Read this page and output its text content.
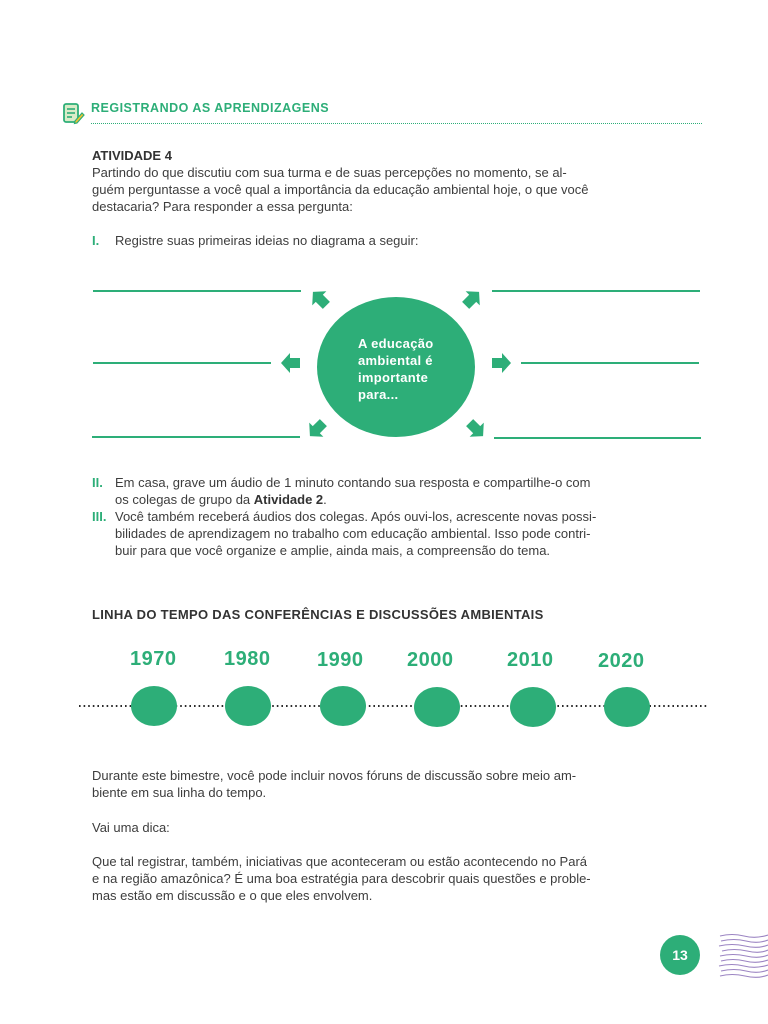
REGISTRANDO AS APRENDIZAGENS
ATIVIDADE 4
Partindo do que discutiu com sua turma e de suas percepções no momento, se al-
guém perguntasse a você qual a importância da educação ambiental hoje, o que você
destacaria? Para responder a essa pergunta:
I. Registre suas primeiras ideias no diagrama a seguir:
A educação
ambiental é
importante
para...
II. Em casa, grave um áudio de 1 minuto contando sua resposta e compartilhe-o com
os colegas de grupo da Atividade 2.
III. Você também receberá áudios dos colegas. Após ouvi-los, acrescente novas possi-
bilidades de aprendizagem no trabalho com educação ambiental. Isso pode contri-
buir para que você organize e amplie, ainda mais, a compreensão do tema.
LINHA DO TEMPO DAS CONFERÊNCIAS E DISCUSSÕES AMBIENTAIS
1970 1980 1990 2000	2010 2020
Durante este bimestre, você pode incluir novos fóruns de discussão sobre meio am-
biente em sua linha do tempo.
Vai uma dica:
Que tal registrar, também, iniciativas que aconteceram ou estão acontecendo no Pará
e na região amazônica? É uma boa estratégia para descobrir quais questões e proble-
mas estão em discussão e o que eles envolvem.
13
